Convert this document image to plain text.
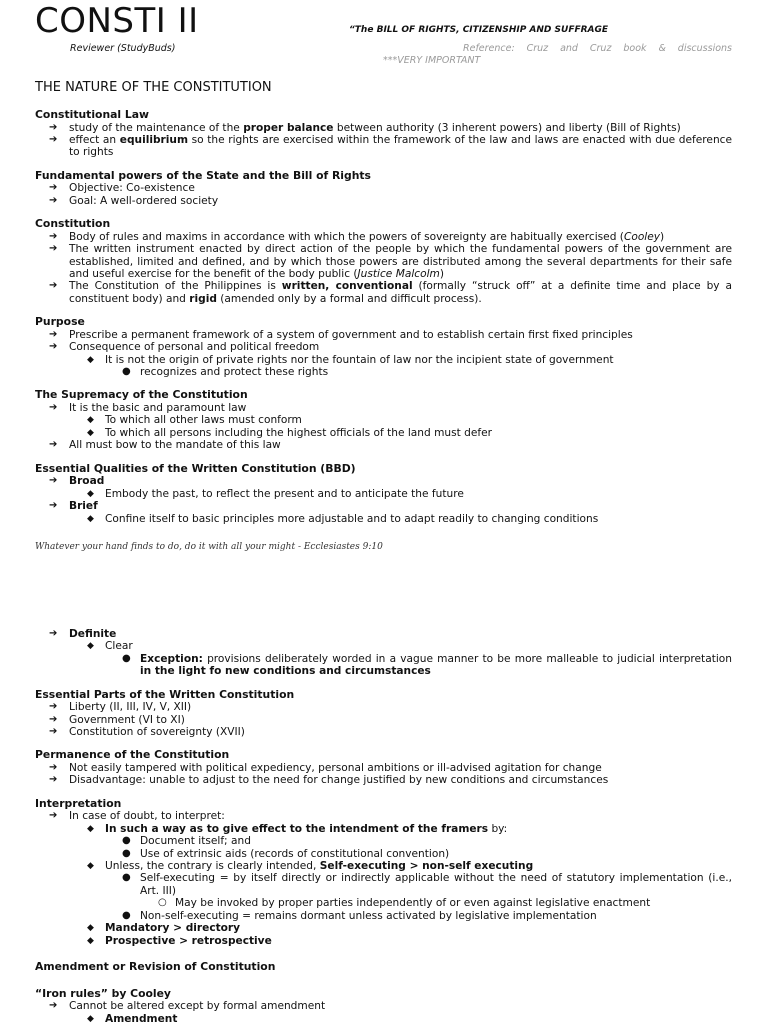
CONSTI II
Reviewer (StudyBuds)
“The BILL OF RIGHTS, CITIZENSHIP AND SUFFRAGE
Reference: Cruz and Cruz book & discussions
***VERY IMPORTANT
THE NATURE OF THE CONSTITUTION
Constitutional Law
➔ study of the maintenance of the proper balance between authority (3 inherent powers) and liberty (Bill of Rights)
➔ effect an equilibrium so the rights are exercised within the framework of the law and laws are enacted with due deference to rights
Fundamental powers of the State and the Bill of Rights
➔ Objective: Co-existence
➔ Goal: A well-ordered society
Constitution
➔ Body of rules and maxims in accordance with which the powers of sovereignty are habitually exercised (Cooley)
➔ The written instrument enacted by direct action of the people by which the fundamental powers of the government are established, limited and defined, and by which those powers are distributed among the several departments for their safe and useful exercise for the benefit of the body public (Justice Malcolm)
➔ The Constitution of the Philippines is written, conventional (formally “struck off” at a definite time and place by a constituent body) and rigid (amended only by a formal and difficult process).
Purpose
➔ Prescribe a permanent framework of a system of government and to establish certain first fixed principles
➔ Consequence of personal and political freedom
◆ It is not the origin of private rights nor the fountain of law nor the incipient state of government
● recognizes and protect these rights
The Supremacy of the Constitution
➔ It is the basic and paramount law
◆ To which all other laws must conform
◆ To which all persons including the highest officials of the land must defer
➔ All must bow to the mandate of this law
Essential Qualities of the Written Constitution (BBD)
➔ Broad
◆ Embody the past, to reflect the present and to anticipate the future
➔ Brief
◆ Confine itself to basic principles more adjustable and to adapt readily to changing conditions
Whatever your hand finds to do, do it with all your might - Ecclesiastes 9:10
➔ Definite
◆ Clear
● Exception: provisions deliberately worded in a vague manner to be more malleable to judicial interpretation in the light fo new conditions and circumstances
Essential Parts of the Written Constitution
➔ Liberty (II, III, IV, V, XII)
➔ Government (VI to XI)
➔ Constitution of sovereignty (XVII)
Permanence of the Constitution
➔ Not easily tampered with political expediency, personal ambitions or ill-advised agitation for change
➔ Disadvantage: unable to adjust to the need for change justified by new conditions and circumstances
Interpretation
➔ In case of doubt, to interpret:
◆ In such a way as to give effect to the intendment of the framers by:
● Document itself; and
● Use of extrinsic aids (records of constitutional convention)
◆ Unless, the contrary is clearly intended, Self-executing > non-self executing
● Self-executing = by itself directly or indirectly applicable without the need of statutory implementation (i.e., Art. III)
○ May be invoked by proper parties independently of or even against legislative enactment
● Non-self-executing = remains dormant unless activated by legislative implementation
◆ Mandatory > directory
◆ Prospective > retrospective
Amendment or Revision of Constitution
“Iron rules” by Cooley
➔ Cannot be altered except by formal amendment
◆ Amendment
